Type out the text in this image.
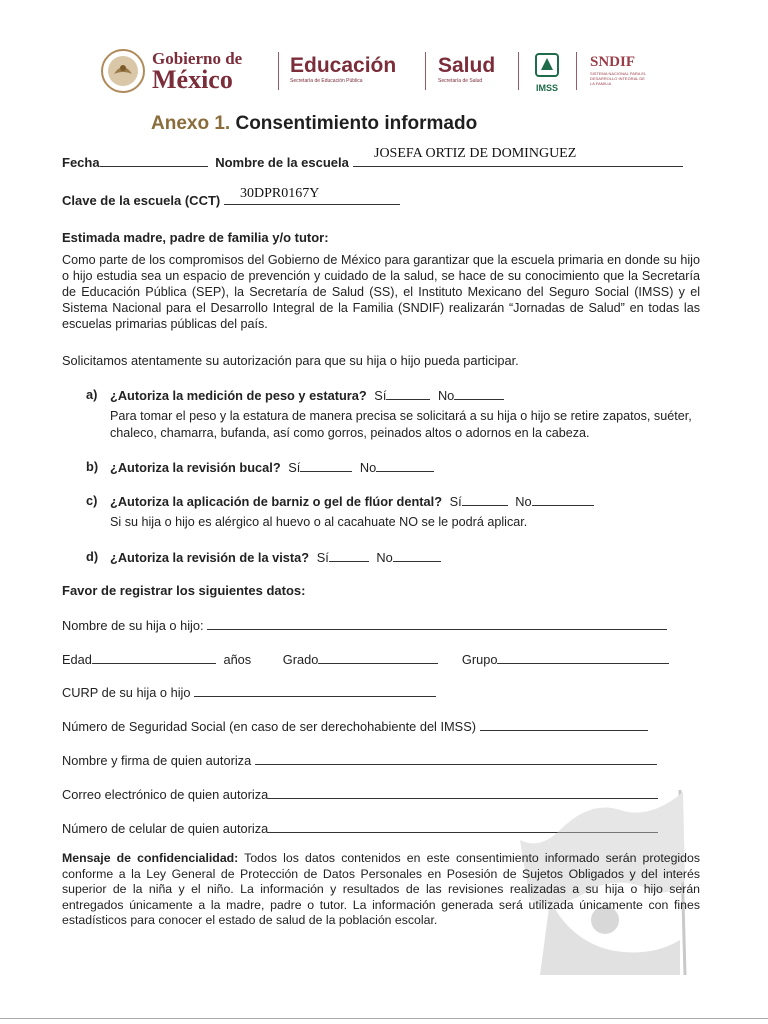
Gobierno de
México	Educación
Secretaría de Educación Pública
Salud
Secretaría de Salud
IMSS
SNDIF
SISTEMA NACIONAL PARA EL DESARROLLO INTEGRAL DE LA FAMILIA
Anexo 1. Consentimiento informado
Fecha	Nombre de la escuela
JOSEFA ORTIZ DE DOMINGUEZ
Clave de la escuela (CCT)	30DPR0167Y
Estimada madre, padre de familia y/o tutor:
Como parte de los compromisos del Gobierno de México para garantizar que la escuela primaria en donde su hijo o hijo estudia sea un espacio de prevención y cuidado de la salud, se hace de su conocimiento que la Secretaría de Educación Pública (SEP), la Secretaría de Salud (SS), el Instituto Mexicano del Seguro Social (IMSS) y el Sistema Nacional para el Desarrollo Integral de la Familia (SNDIF) realizarán “Jornadas de Salud” en todas las escuelas primarias públicas del país.
Solicitamos atentamente su autorización para que su hija o hijo pueda participar.
a) ¿Autoriza la medición de peso y estatura? Sí	No
Para tomar el peso y la estatura de manera precisa se solicitará a su hija o hijo se retire zapatos, suéter, chaleco, chamarra, bufanda, así como gorros, peinados altos o adornos en la cabeza.
b) ¿Autoriza la revisión bucal? Sí	No
c) ¿Autoriza la aplicación de barniz o gel de flúor dental? Sí	No
Si su hija o hijo es alérgico al huevo o al cacahuate NO se le podrá aplicar.
d) ¿Autoriza la revisión de la vista? Sí	No
Favor de registrar los siguientes datos:
Nombre de su hija o hijo:
Edad	años Grado	Grupo
CURP de su hija o hijo
Número de Seguridad Social (en caso de ser derechohabiente del IMSS)
Nombre y firma de quien autoriza
Correo electrónico de quien autoriza
Número de celular de quien autoriza
Mensaje de confidencialidad: Todos los datos contenidos en este consentimiento informado serán protegidos conforme a la Ley General de Protección de Datos Personales en Posesión de Sujetos Obligados y del interés superior de la niña y el niño. La información y resultados de las revisiones realizadas a su hija o hijo serán entregados únicamente a la madre, padre o tutor. La información generada será utilizada únicamente con fines estadísticos para conocer el estado de salud de la población escolar.
